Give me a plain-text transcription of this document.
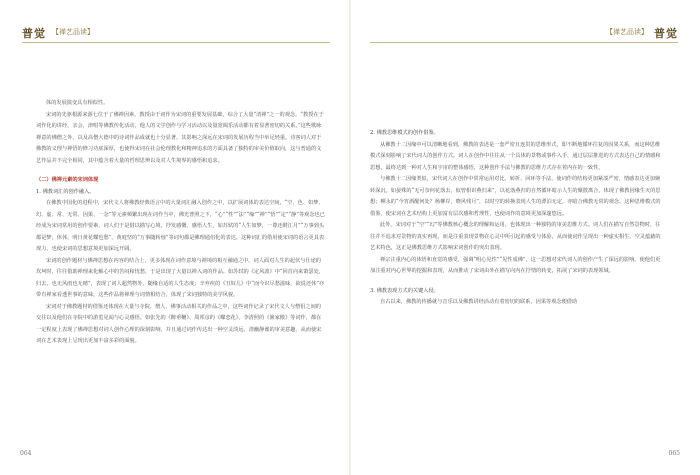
普觉 【禅艺品读】

体的发展演变具有相似性。

宋词的先驱根源来源七位于了佛禅因素。教授由于词作为宋词的重要发展基础，综合了大量“清禅”之一的观念，“教授在于词作化的讲经，亲会，津唱等佛教传化活动，他人的文学创作与学习活动以及量宽阔乐活动都有着显著密切的关系。”这些歌咏禅意的佛僧之外，以及高僧大德中的诗词作品成就也十分显著，其影响之深远在宋词的发展历程当中举足轻重。诗客词人对于佛教的义理与禅悟的修习功底深厚，也使得宋词在社会伦理教化和精神追求的方面具备了独特的审美价值取向，这与普通的文艺作品并不完全相同，其中蕴含着大量的哲理思辨以及对人生境界的感悟和追求。

（二）佛禅元素的宋词体现

1. 佛教词汇的创作融入。

在佛教中国化的进程中，宋代文人将佛教经典语言中的大量词汇融入创作之中，以扩展词体的表达空间，“空、色、如梦、幻、虚、常、无常、因果、一念”等元素频繁出现在词作当中，佛光普照之下，“心”“性”“法”“缘”“禅”“悟”“定”“静”等观念也已经成为宋词常用的创作要素，词人们于是借以描写心境，抒发感慨，感悟人生，如苏轼的“人生如梦，一尊还酹江月”“万事到头都是梦，休休，明日黄花蝶也愁”，黄庭坚的“万事随转烛”等词句都是佛理通俗化的表达。这种词汇的借用使宋词的语言更具表现力，也使宋词的思想意境更加深远开阔。

宋词的创作题材与佛禅思想在内容的结合上，更多体现在词作意境与禅境的相互融通之中。词人面对人生的起伏与仕途的坎坷时，往往借助禅理来化解心中的苦闷和忧愁，于是出现了大量以禅入词的作品。如苏轼的《定风波》中“回首向来萧瑟处，归去，也无风雨也无晴”，表现了词人超然物外、随缘自适的人生态度；辛弃疾的《丑奴儿》中“而今识尽愁滋味，欲说还休”亦带有禅家看透世事的意味，这些作品将禅理与词情相结合，体现了宋词独特的美学风貌。

宋词对于佛教题材的借鉴还体现在大量与寺院、僧人、佛事活动相关的作品之中，这些词作记录了宋代文人与僧侣之间的交往以及他们在寺院中的游览见闻与心灵感悟。如张先的《醉垂鞭》、周邦彦的《蝶恋花》、李清照的《渔家傲》等词作，都在一定程度上表现了佛禅思想对词人创作心理的深刻影响，并且通过词作传达出一种空灵淡远、清幽静谧的审美意趣，从而使宋词在艺术表现上呈现出更加丰富多彩的面貌。

064
普觉
【禅艺品读】

2. 佛教思维模式的创作借鉴。

从佛教十二因缘中可以清晰地看到，佛教的表述是一套严密且连贯的思维形式，即不断地循环往复的因果关系，而这种思维模式深刻影响了宋代词人的创作方式。词人在创作中往往从一个具体的景物或事件入手，通过层层推进的方式表达自己的情感和思想，最终达到一种对人生和宇宙的整体感悟，这种创作手法与佛教的思维方式存在着内在的一致性。

与佛教十二因缘类似，宋代词人在创作中常常运用对比、转折、回环等手法，使词作的结构更加紧凑严密，情感表达更加婉转深沉。如晏殊的“无可奈何花落去，似曾相识燕归来”，以花落燕归的自然循环暗示人生的聚散离合，体现了佛教因缘生灭的思想；柳永的“今宵酒醒何处？杨柳岸，晓风残月”，以时空的转换表现人生的漂泊无定，亦暗合佛教无常的观念。这种思维模式的借鉴，使宋词在艺术结构上更加富有层次感和哲理性，也使词作的意境更加深邃悠远。

此外，宋词对于“空”“幻”等佛教核心概念的理解和运用，也体现出一种独特的审美思维方式。词人们在描写自然景物时，往往并不追求对景物的真实再现，而是注重表现景物在心灵中所引起的感受与体验，从而使词作呈现出一种虚实相生、空灵蕴藉的艺术特色，这正是佛教思维方式影响宋词创作的突出表现。

禅宗注重内心的体悟和直觉的感受，强调“明心见性”“见性成佛”，这一思想对宋代词人的创作产生了深远的影响，使他们更加注重对内心世界的挖掘和表现，从而推动了宋词由外在描写向内在抒情的转变，拓展了宋词的表现领域。

3. 佛教表现方式的关键入侵。

自古以来，佛教的传播就与音乐以及佛教讲经活动有着密切的联系，因果等观念便借助

065
